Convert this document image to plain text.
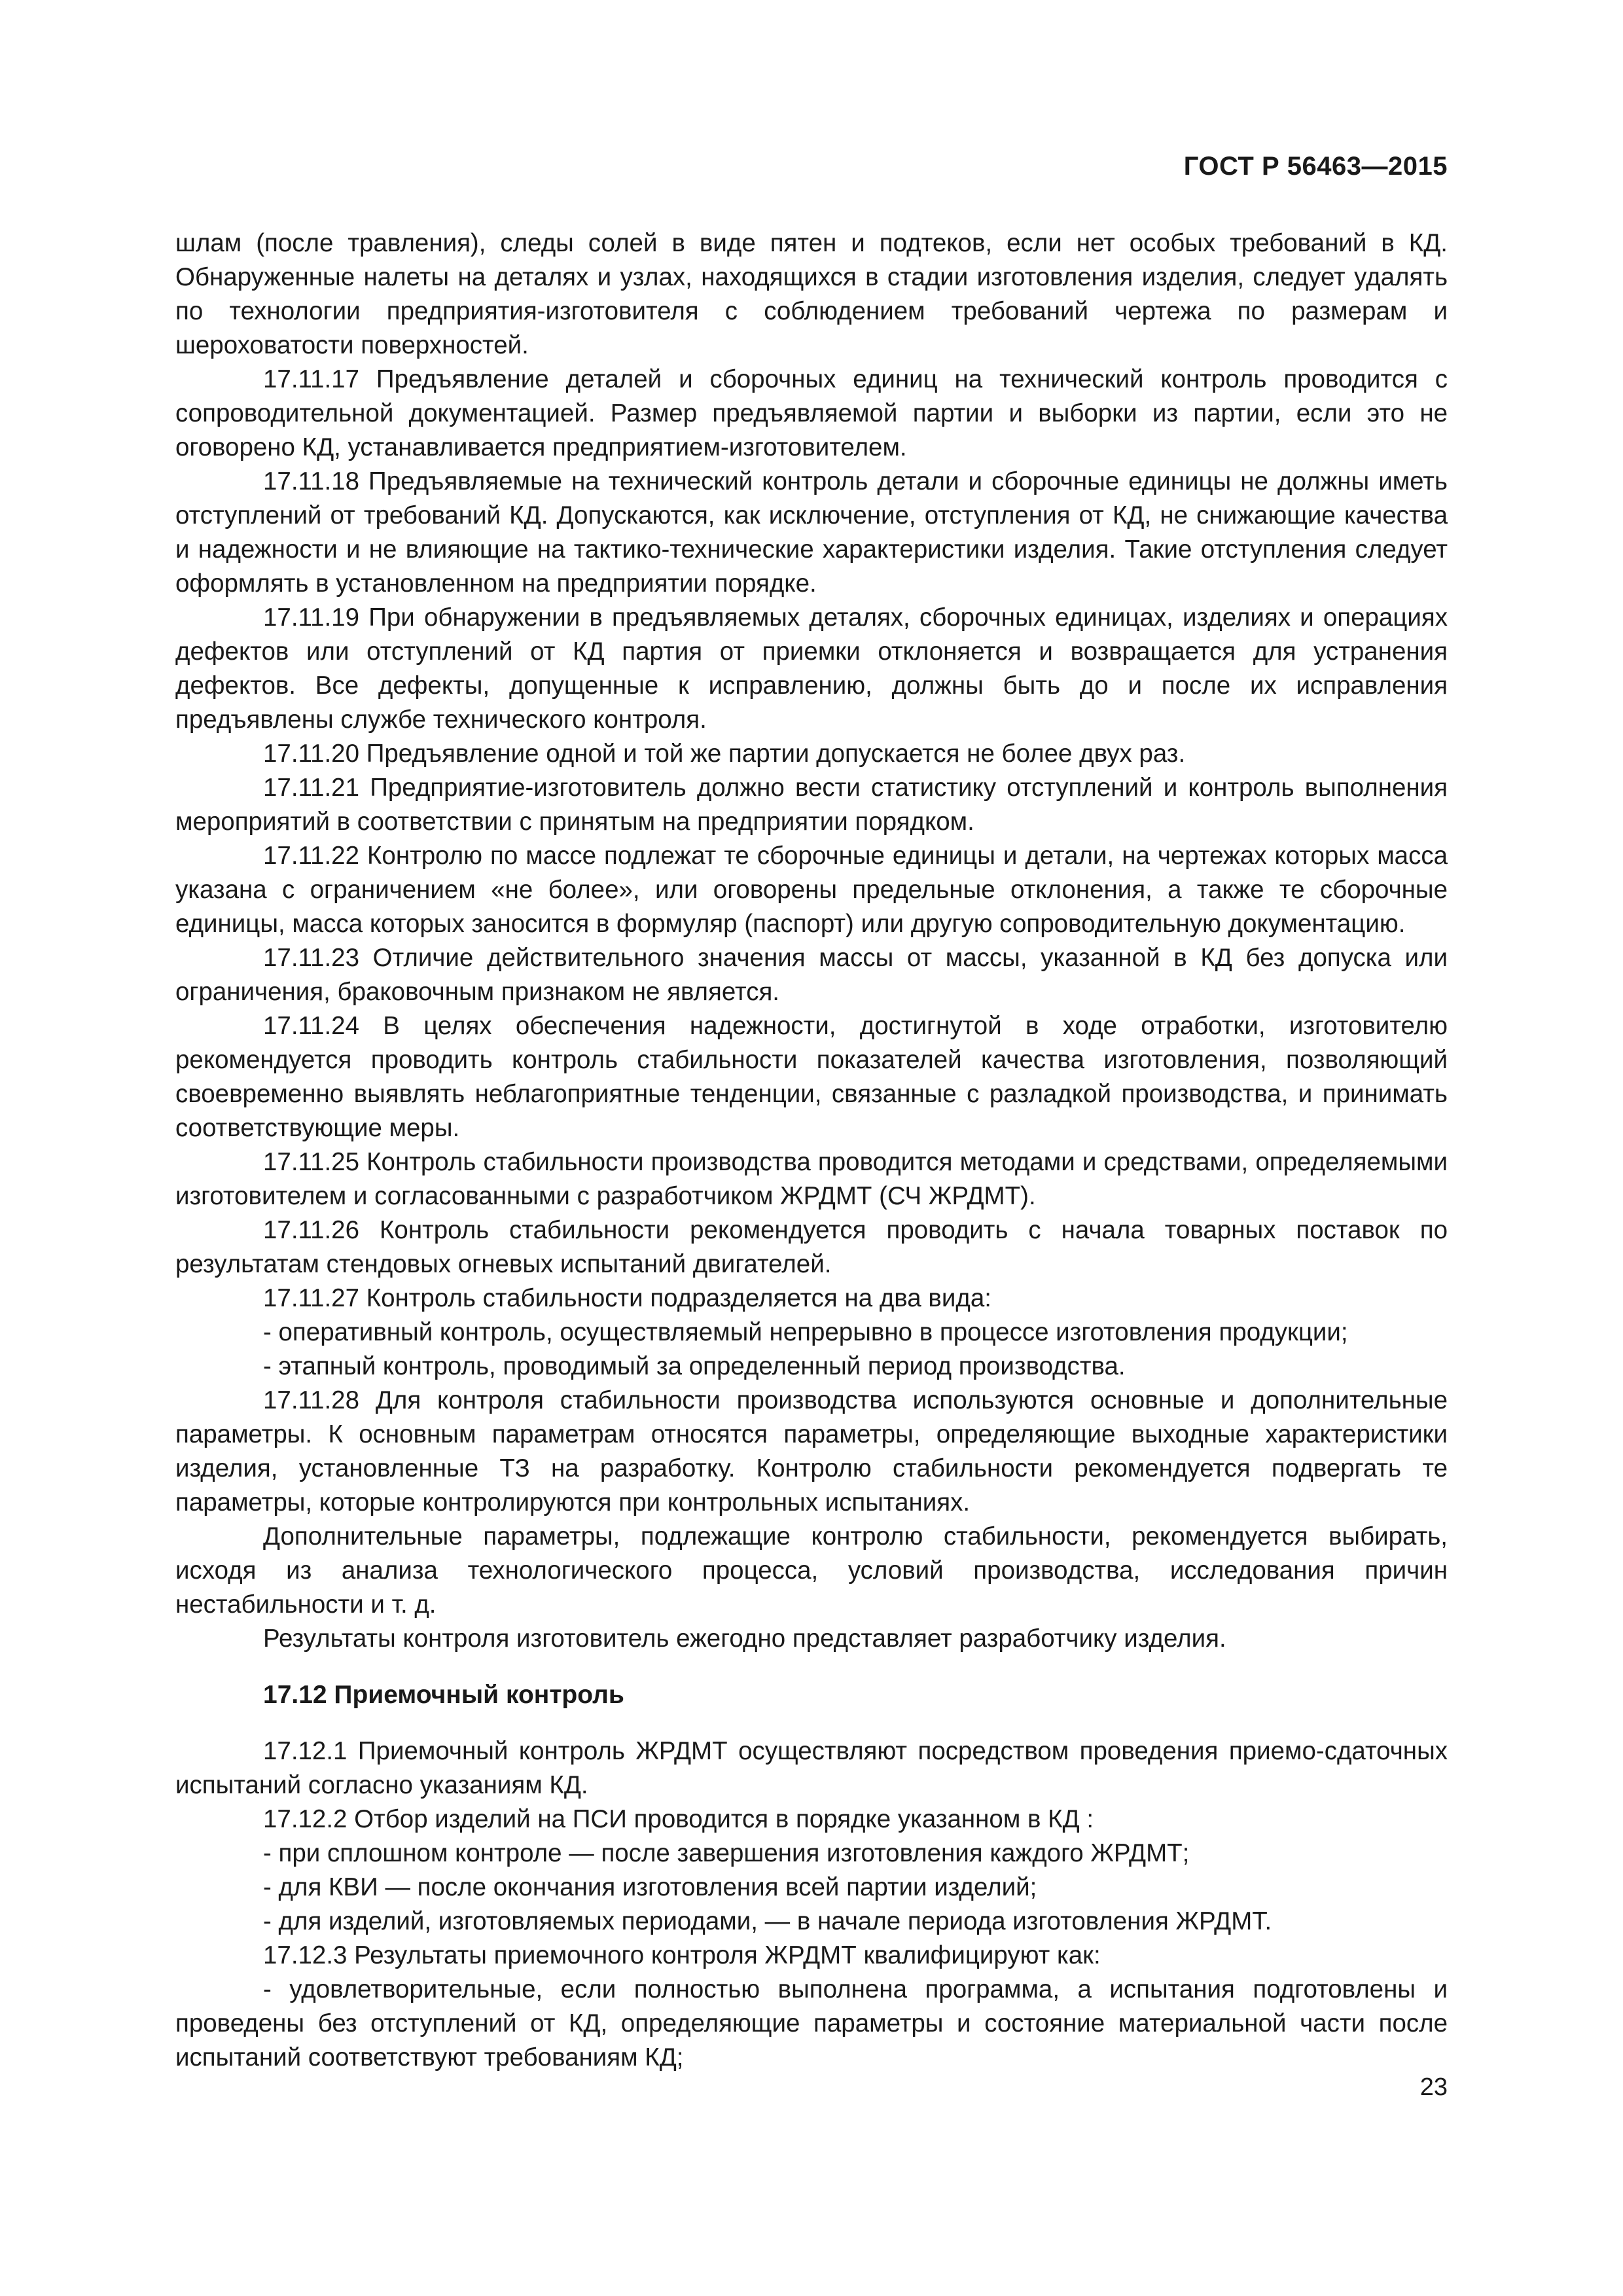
ГОСТ Р 56463—2015

шлам (после травления), следы солей в виде пятен и подтеков, если нет особых требований в КД. Обнаруженные налеты на деталях и узлах, находящихся в стадии изготовления изделия, следует удалять по технологии предприятия-изготовителя с соблюдением требований чертежа по размерам и шероховатости поверхностей.

17.11.17 Предъявление деталей и сборочных единиц на технический контроль проводится с сопроводительной документацией. Размер предъявляемой партии и выборки из партии, если это не оговорено КД, устанавливается предприятием-изготовителем.

17.11.18 Предъявляемые на технический контроль детали и сборочные единицы не должны иметь отступлений от требований КД. Допускаются, как исключение, отступления от КД, не снижающие качества и надежности и не влияющие на тактико-технические характеристики изделия. Такие отступления следует оформлять в установленном на предприятии порядке.

17.11.19 При обнаружении в предъявляемых деталях, сборочных единицах, изделиях и операциях дефектов или отступлений от КД партия от приемки отклоняется и возвращается для устранения дефектов. Все дефекты, допущенные к исправлению, должны быть до и после их исправления предъявлены службе технического контроля.

17.11.20 Предъявление одной и той же партии допускается не более двух раз.

17.11.21 Предприятие-изготовитель должно вести статистику отступлений и контроль выполнения мероприятий в соответствии с принятым на предприятии порядком.

17.11.22 Контролю по массе подлежат те сборочные единицы и детали, на чертежах которых масса указана с ограничением «не более», или оговорены предельные отклонения, а также те сборочные единицы, масса которых заносится в формуляр (паспорт) или другую сопроводительную документацию.

17.11.23 Отличие действительного значения массы от массы, указанной в КД без допуска или ограничения, браковочным признаком не является.

17.11.24 В целях обеспечения надежности, достигнутой в ходе отработки, изготовителю рекомендуется проводить контроль стабильности показателей качества изготовления, позволяющий своевременно выявлять неблагоприятные тенденции, связанные с разладкой производства, и принимать соответствующие меры.

17.11.25 Контроль стабильности производства проводится методами и средствами, определяемыми изготовителем и согласованными с разработчиком ЖРДМТ (СЧ ЖРДМТ).

17.11.26 Контроль стабильности рекомендуется проводить с начала товарных поставок по результатам стендовых огневых испытаний двигателей.

17.11.27 Контроль стабильности подразделяется на два вида:

- оперативный контроль, осуществляемый непрерывно в процессе изготовления продукции;

- этапный контроль, проводимый за определенный период производства.

17.11.28 Для контроля стабильности производства используются основные и дополнительные параметры. К основным параметрам относятся параметры, определяющие выходные характеристики изделия, установленные ТЗ на разработку. Контролю стабильности рекомендуется подвергать те параметры, которые контролируются при контрольных испытаниях.

Дополнительные параметры, подлежащие контролю стабильности, рекомендуется выбирать, исходя из анализа технологического процесса, условий производства, исследования причин нестабильности и т. д.

Результаты контроля изготовитель ежегодно представляет разработчику изделия.

17.12 Приемочный контроль

17.12.1 Приемочный контроль ЖРДМТ осуществляют посредством проведения приемо-сдаточных испытаний согласно указаниям КД.

17.12.2 Отбор изделий на ПСИ проводится в порядке указанном в КД :

- при сплошном контроле — после завершения изготовления каждого ЖРДМТ;

- для КВИ — после окончания изготовления всей партии изделий;

- для изделий, изготовляемых периодами, — в начале периода изготовления ЖРДМТ.

17.12.3 Результаты приемочного контроля ЖРДМТ квалифицируют как:

- удовлетворительные, если полностью выполнена программа, а испытания подготовлены и проведены без отступлений от КД, определяющие параметры и состояние материальной части после испытаний соответствуют требованиям КД;

23
